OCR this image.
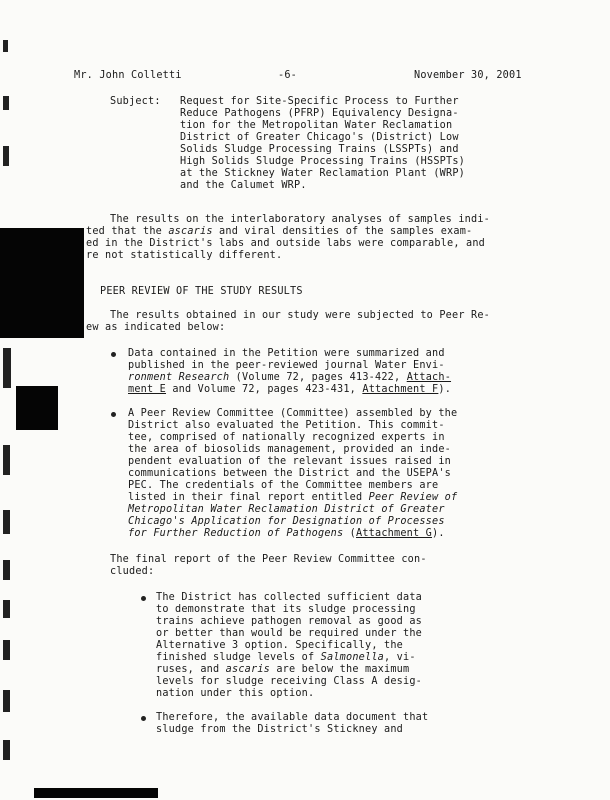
Mr. John Colletti	-6-	November 30, 2001
Subject: Request for Site-Specific Process to Further
Reduce Pathogens (PFRP) Equivalency Designa-
tion for the Metropolitan Water Reclamation
District of Greater Chicago's (District) Low
Solids Sludge Processing Trains (LSSPTs) and
High Solids Sludge Processing Trains (HSSPTs)
at the Stickney Water Reclamation Plant (WRP)
and the Calumet WRP.
The results on the interlaboratory analyses of samples indi-
ted that the ascaris and viral densities of the samples exam-
ed in the District's labs and outside labs were comparable, and
re not statistically different.
PEER REVIEW OF THE STUDY RESULTS
The results obtained in our study were subjected to Peer Re-
ew as indicated below:
Data contained in the Petition were summarized and
published in the peer-reviewed journal Water Envi-
ronment Research (Volume 72, pages 413-422, Attach-
ment E and Volume 72, pages 423-431, Attachment F).
A Peer Review Committee (Committee) assembled by the
District also evaluated the Petition. This commit-
tee, comprised of nationally recognized experts in
the area of biosolids management, provided an inde-
pendent evaluation of the relevant issues raised in
communications between the District and the USEPA's
PEC. The credentials of the Committee members are
listed in their final report entitled Peer Review of
Metropolitan Water Reclamation District of Greater
Chicago's Application for Designation of Processes
for Further Reduction of Pathogens (Attachment G).
The final report of the Peer Review Committee con-
cluded:
The District has collected sufficient data
to demonstrate that its sludge processing
trains achieve pathogen removal as good as
or better than would be required under the
Alternative 3 option. Specifically, the
finished sludge levels of Salmonella, vi-
ruses, and ascaris are below the maximum
levels for sludge receiving Class A desig-
nation under this option.
Therefore, the available data document that
sludge from the District's Stickney and
